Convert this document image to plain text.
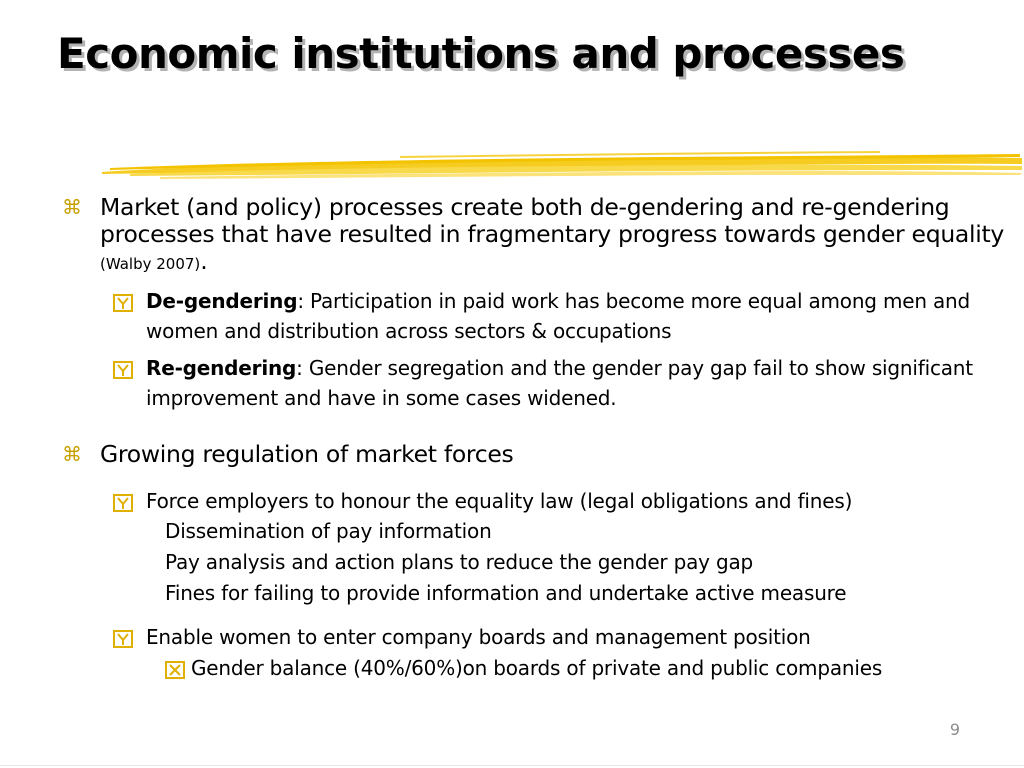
Economic institutions and processes
⌘ Market (and policy) processes create both de-gendering and re-gendering processes that have resulted in fragmentary progress towards gender equality (Walby 2007).
De-gendering: Participation in paid work has become more equal among men and women and distribution across sectors & occupations
Re-gendering: Gender segregation and the gender pay gap fail to show significant improvement and have in some cases widened.
⌘ Growing regulation of market forces
Force employers to honour the equality law (legal obligations and fines)
Dissemination of pay information
Pay analysis and action plans to reduce the gender pay gap
Fines for failing to provide information and undertake active measure
Enable women to enter company boards and management position
Gender balance (40%/60%)on boards of private and public companies
9
